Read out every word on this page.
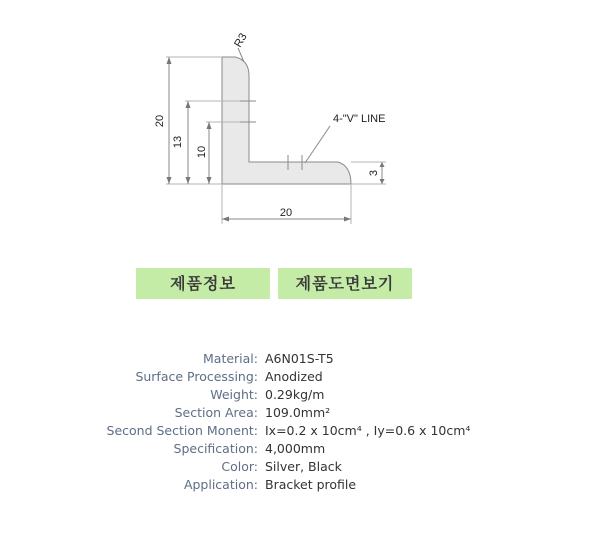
R3
20
13
10
4-"V" LINE
3
20
제품정보	제품도면보기
Material: A6N01S-T5
Surface Processing: Anodized
Weight: 0.29kg/m
Section Area: 109.0mm²
Second Section Monent: Ix=0.2 x 10cm⁴ , Iy=0.6 x 10cm⁴
Specification: 4,000mm
Color: Silver, Black
Application: Bracket profile
